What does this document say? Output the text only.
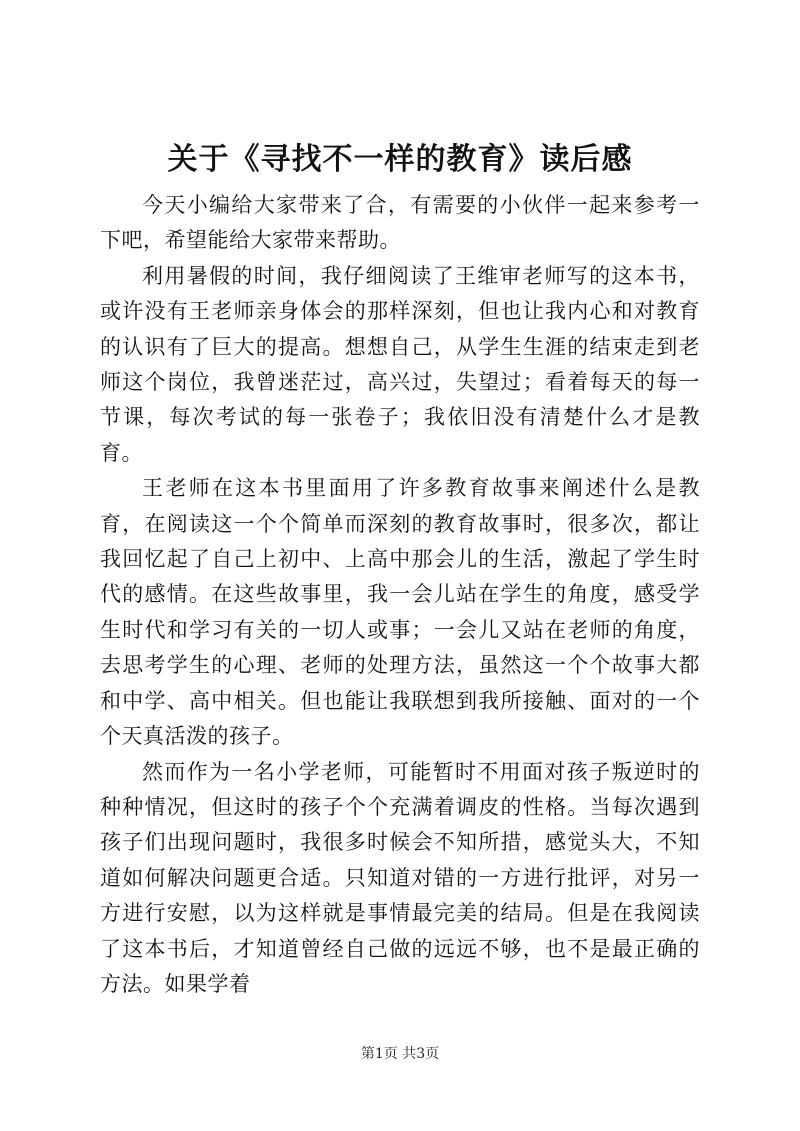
关于《寻找不一样的教育》读后感

今天小编给大家带来了合，有需要的小伙伴一起来参考一下吧，希望能给大家带来帮助。

利用暑假的时间，我仔细阅读了王维审老师写的这本书，或许没有王老师亲身体会的那样深刻，但也让我内心和对教育的认识有了巨大的提高。想想自己，从学生生涯的结束走到老师这个岗位，我曾迷茫过，高兴过，失望过；看着每天的每一节课，每次考试的每一张卷子；我依旧没有清楚什么才是教育。

王老师在这本书里面用了许多教育故事来阐述什么是教育，在阅读这一个个简单而深刻的教育故事时，很多次，都让我回忆起了自己上初中、上高中那会儿的生活，激起了学生时代的感情。在这些故事里，我一会儿站在学生的角度，感受学生时代和学习有关的一切人或事；一会儿又站在老师的角度，去思考学生的心理、老师的处理方法，虽然这一个个故事大都和中学、高中相关。但也能让我联想到我所接触、面对的一个个天真活泼的孩子。

然而作为一名小学老师，可能暂时不用面对孩子叛逆时的种种情况，但这时的孩子个个充满着调皮的性格。当每次遇到孩子们出现问题时，我很多时候会不知所措，感觉头大，不知道如何解决问题更合适。只知道对错的一方进行批评，对另一方进行安慰，以为这样就是事情最完美的结局。但是在我阅读了这本书后，才知道曾经自己做的远远不够，也不是最正确的方法。如果学着

第1页 共3页
